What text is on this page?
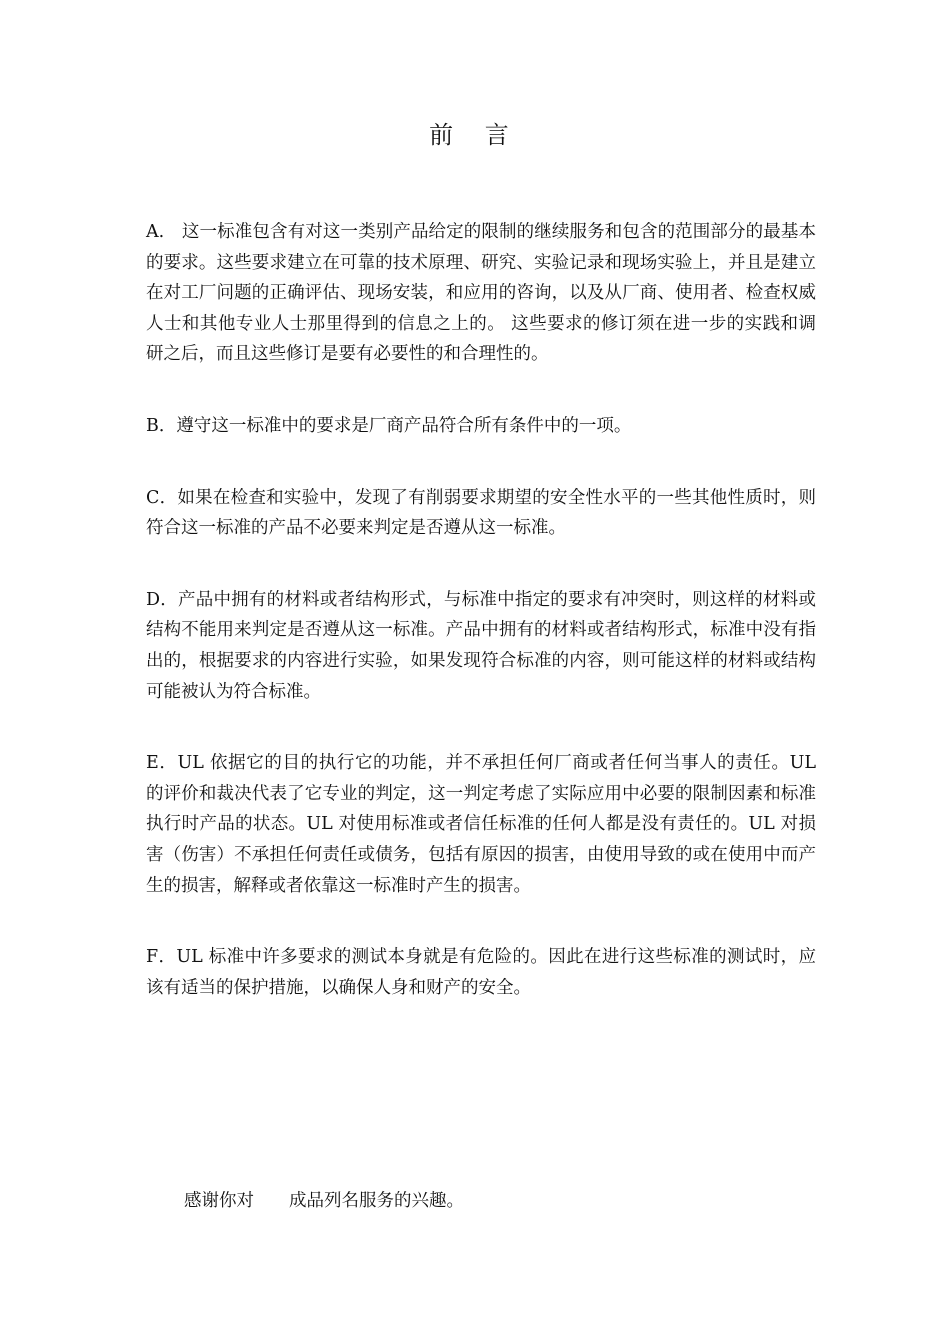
前 言

A.　这一标准包含有对这一类别产品给定的限制的继续服务和包含的范围部分的最基本的要求。这些要求建立在可靠的技术原理、研究、实验记录和现场实验上，并且是建立在对工厂问题的正确评估、现场安装，和应用的咨询，以及从厂商、使用者、检查权威人士和其他专业人士那里得到的信息之上的。 这些要求的修订须在进一步的实践和调研之后，而且这些修订是要有必要性的和合理性的。

B．遵守这一标准中的要求是厂商产品符合所有条件中的一项。

C．如果在检查和实验中，发现了有削弱要求期望的安全性水平的一些其他性质时，则符合这一标准的产品不必要来判定是否遵从这一标准。

D．产品中拥有的材料或者结构形式，与标准中指定的要求有冲突时，则这样的材料或结构不能用来判定是否遵从这一标准。产品中拥有的材料或者结构形式，标准中没有指出的，根据要求的内容进行实验，如果发现符合标准的内容，则可能这样的材料或结构可能被认为符合标准。

E．UL 依据它的目的执行它的功能，并不承担任何厂商或者任何当事人的责任。UL 的评价和裁决代表了它专业的判定，这一判定考虑了实际应用中必要的限制因素和标准执行时产品的状态。UL 对使用标准或者信任标准的任何人都是没有责任的。UL 对损害（伤害）不承担任何责任或债务，包括有原因的损害，由使用导致的或在使用中而产生的损害，解释或者依靠这一标准时产生的损害。

F．UL 标准中许多要求的测试本身就是有危险的。因此在进行这些标准的测试时，应该有适当的保护措施，以确保人身和财产的安全。

感谢你对　　成品列名服务的兴趣。
